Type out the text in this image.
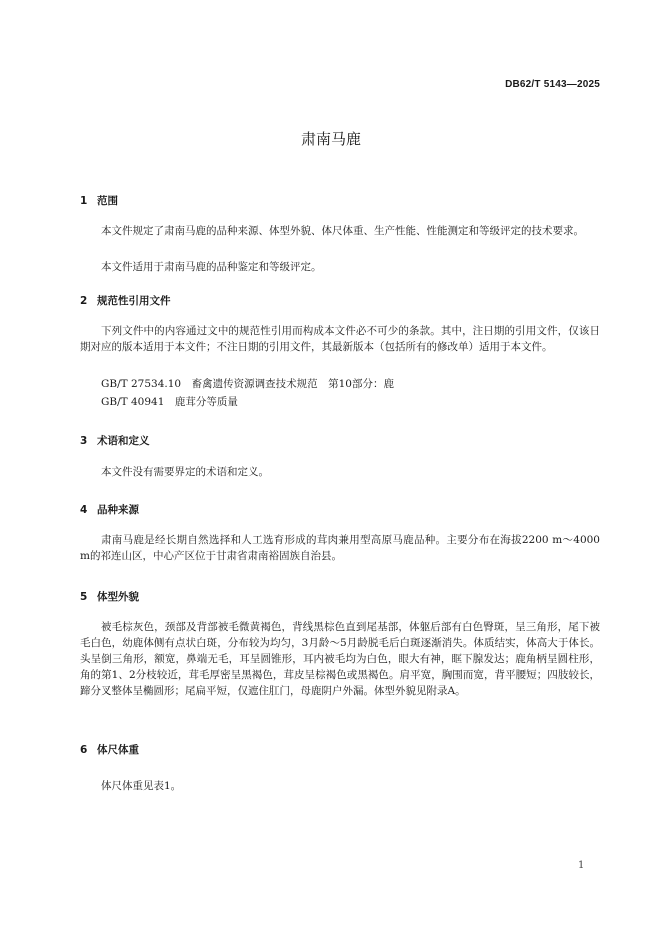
DB62/T 5143—2025
肃南马鹿
1 范围
本文件规定了肃南马鹿的品种来源、体型外貌、体尺体重、生产性能、性能测定和等级评定的技术要求。
本文件适用于肃南马鹿的品种鉴定和等级评定。
2 规范性引用文件
下列文件中的内容通过文中的规范性引用而构成本文件必不可少的条款。其中，注日期的引用文件，仅该日期对应的版本适用于本文件；不注日期的引用文件，其最新版本（包括所有的修改单）适用于本文件。
GB/T 27534.10　畜禽遗传资源调查技术规范　第10部分：鹿
GB/T 40941　鹿茸分等质量
3 术语和定义
本文件没有需要界定的术语和定义。
4 品种来源
肃南马鹿是经长期自然选择和人工选育形成的茸肉兼用型高原马鹿品种。主要分布在海拔2200 m～4000 m的祁连山区，中心产区位于甘肃省肃南裕固族自治县。
5 体型外貌
被毛棕灰色，颈部及背部被毛微黄褐色，背线黑棕色直到尾基部，体躯后部有白色臀斑，呈三角形，尾下被毛白色，幼鹿体侧有点状白斑，分布较为均匀，3月龄～5月龄脱毛后白斑逐渐消失。体质结实，体高大于体长。头呈倒三角形，额宽，鼻端无毛，耳呈圆锥形，耳内被毛均为白色，眼大有神，眶下腺发达；鹿角柄呈圆柱形，角的第1、2分枝较近，茸毛厚密呈黑褐色，茸皮呈棕褐色或黑褐色。肩平宽，胸围而宽，背平腰短；四肢较长，蹄分叉整体呈椭圆形；尾扁平短，仅遮住肛门，母鹿阴户外漏。体型外貌见附录A。
6 体尺体重
体尺体重见表1。
1
